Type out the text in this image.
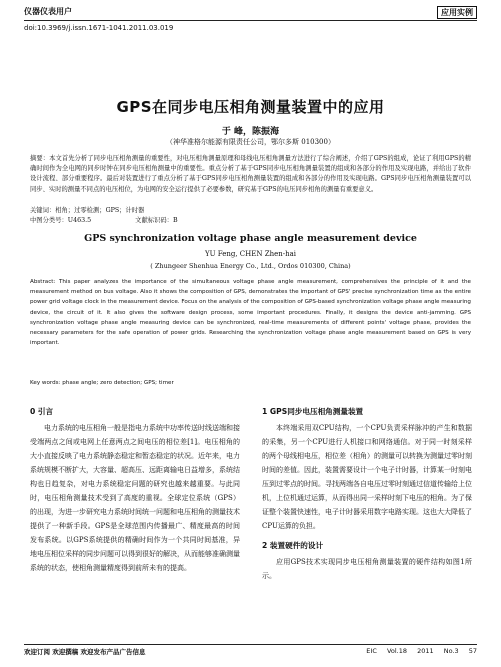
仪器仪表用户	应用实例
doi:10.3969/j.issn.1671-1041.2011.03.019
GPS在同步电压相角测量装置中的应用
于 峰，陈振海
（神华准格尔能源有限责任公司，鄂尔多斯 010300）
摘要：本文首先分析了同步电压相角测量的重要性，对电压相角测量原理和母线电压相角测量方法进行了综合阐述，介绍了GPS的组成，论证了利用GPS的精确时间作为全电网的同步时钟在同步电压相角测量中的重要性。重点分析了基于GPS同步电压相角测量装置的组成和各部分的作用及实现电路，并给出了软件设计流程、部分重要程序。最后对装置进行了重点分析了基于GPS同步电压相角测量装置的组成和各部分的作用及实现电路。GPS同步电压相角测量装置可以同步、实时的测量不同点的电压相位，为电网的安全运行提供了必要参数，研究基于GPS的电压同步相角的测量有重要意义。
关键词：相角；过零检测；GPS；计时器
中图分类号：U463.5	文献标识码：B
GPS synchronization voltage phase angle measurement device
YU Feng, CHEN Zhen-hai
( Zhungeer Shenhua Energy Co., Ltd., Ordos 010300, China)
Abstract: This paper analyzes the importance of the simultaneous voltage phase angle measurement, comprehensives the principle of it and the measurement method on bus voltage. Also it shows the composition of GPS, demonstrates the important of GPS' precise synchronization time as the entire power grid voltage clock in the measurement device. Focus on the analysis of the composition of GPS-based synchronization voltage phase angle measuring device, the circuit of it. It also gives the software design process, some important procedures. Finally, it designs the device anti-jamming. GPS synchronization voltage phase angle measuring device can be synchronized, real-time measurements of different points' voltage phase, provides the necessary parameters for the safe operation of power grids. Researching the synchronization voltage phase angle measurement based on GPS is very important.
Key words: phase angle; zero detection; GPS; timer
0 引言

电力系统的电压相角一般是指电力系统中功率传送时线送端和接受端两点之间或电网上任意两点之间电压的相位差[1]。电压相角的大小直接反映了电力系统静态稳定和暂态稳定的状况。近年来，电力系统规模不断扩大，大容量、超高压、远距离输电日益增多，系统结构也日趋复杂，对电力系统稳定问题的研究也越来越重要。与此同时，电压相角测量技术受到了高度的重视。全球定位系统（GPS）的出现，为进一步研究电力系统时间统一问题和电压相角的测量技术提供了一种新手段。GPS是全球范围内传播最广、精度最高的时间发布系统。以GPS系统提供的精确时间作为一个共同时间基准，异地电压相位采样的同步问题可以得到很好的解决，从而能够准确测量系统的状态，使相角测量精度得到前所未有的提高。

1 GPS同步电压相角测量装置

本终端采用双CPU结构，一个CPU负责采样脉冲的产生和数据的采集，另一个CPU进行人机接口和网络通信。对于同一时刻采样的两个母线相电压，相位差（相角）的测量可以转换为测量过零时刻时间的差值。因此，装置需要设计一个电子计时器，计算某一时刻电压到过零点的时间。寻找两端各自电压过零时刻通过信道传输给上位机，上位机通过运算，从而得出同一采样时刻下电压的相角。为了保证整个装置快速性，电子计时器采用数字电路实现。这也大大降低了CPU运算的负担。

2 装置硬件的设计

应用GPS技术实现同步电压相角测量装置的硬件结构如图1所示。

欢迎订阅 欢迎撰稿 欢迎发布产品广告信息	EIC Vol.18 2011 No.3 57
